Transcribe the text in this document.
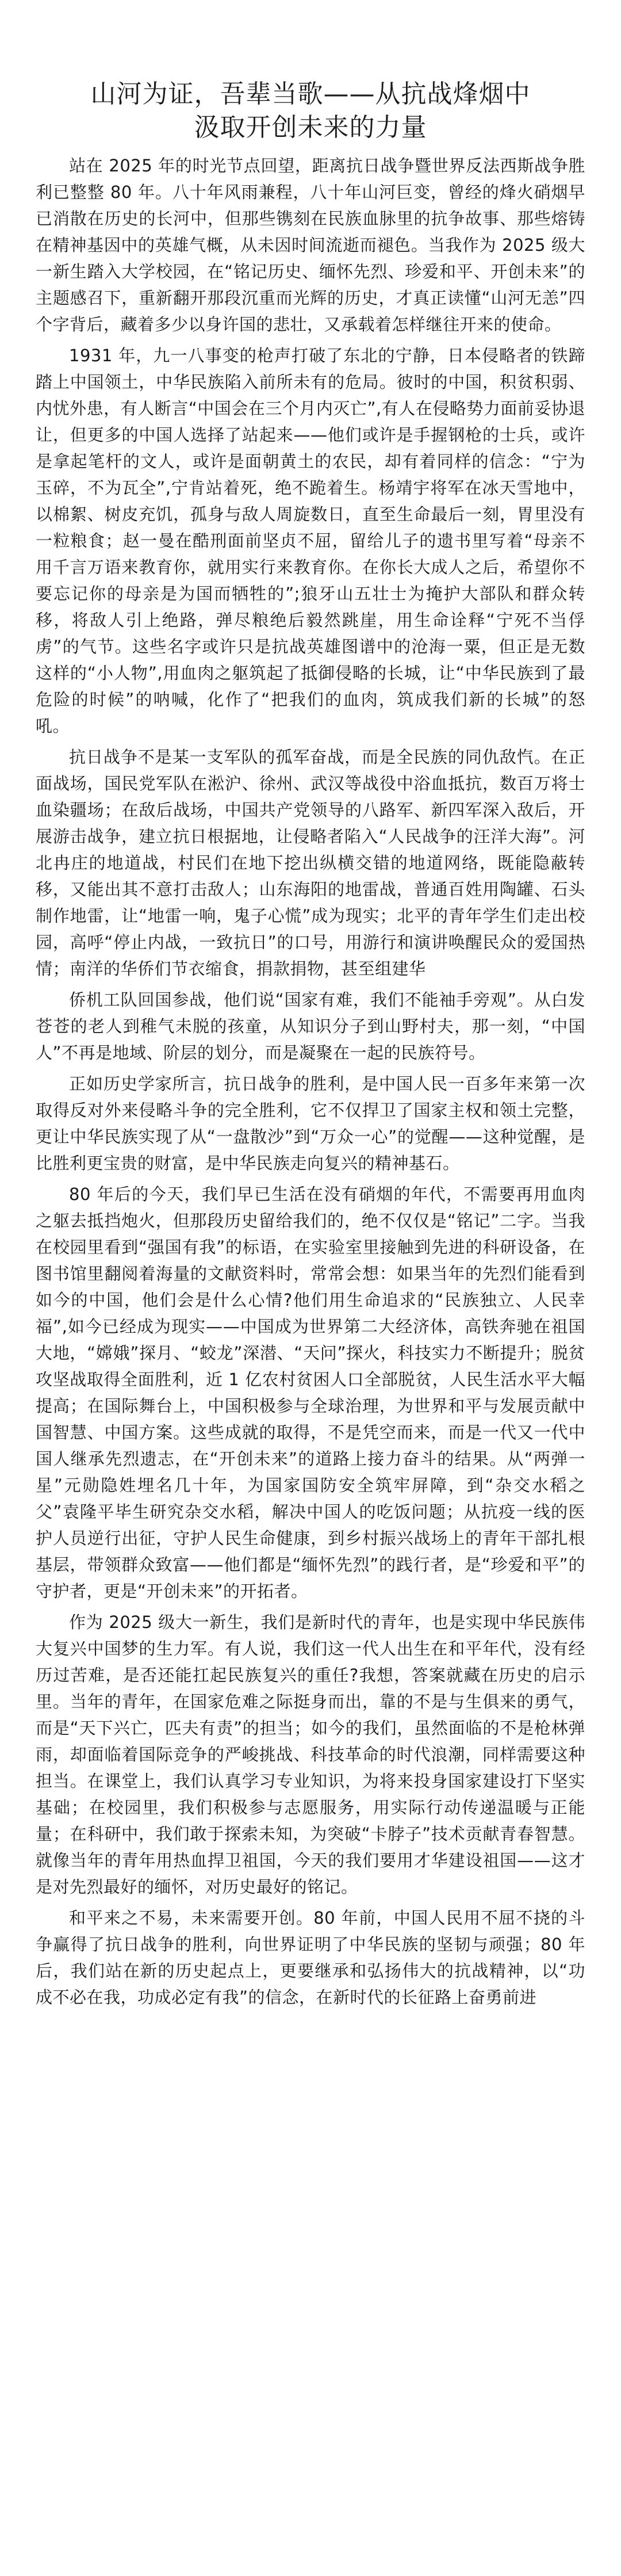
山河为证，吾辈当歌——从抗战烽烟中
汲取开创未来的力量

站在 2025 年的时光节点回望，距离抗日战争暨世界反法西斯战争胜利已整整 80 年。八十年风雨兼程，八十年山河巨变，曾经的烽火硝烟早已消散在历史的长河中，但那些镌刻在民族血脉里的抗争故事、那些熔铸在精神基因中的英雄气概，从未因时间流逝而褪色。当我作为 2025 级大一新生踏入大学校园，在“铭记历史、缅怀先烈、珍爱和平、开创未来”的主题感召下，重新翻开那段沉重而光辉的历史，才真正读懂“山河无恙”四个字背后，藏着多少以身许国的悲壮，又承载着怎样继往开来的使命。

1931 年，九一八事变的枪声打破了东北的宁静，日本侵略者的铁蹄踏上中国领土，中华民族陷入前所未有的危局。彼时的中国，积贫积弱、内忧外患，有人断言“中国会在三个月内灭亡”,有人在侵略势力面前妥协退让，但更多的中国人选择了站起来——他们或许是手握钢枪的士兵，或许是拿起笔杆的文人，或许是面朝黄土的农民，却有着同样的信念：“宁为玉碎，不为瓦全”,宁肯站着死，绝不跪着生。杨靖宇将军在冰天雪地中，以棉絮、树皮充饥，孤身与敌人周旋数日，直至生命最后一刻，胃里没有一粒粮食；赵一曼在酷刑面前坚贞不屈，留给儿子的遗书里写着“母亲不用千言万语来教育你，就用实行来教育你。在你长大成人之后，希望你不要忘记你的母亲是为国而牺牲的”;狼牙山五壮士为掩护大部队和群众转移，将敌人引上绝路，弹尽粮绝后毅然跳崖，用生命诠释“宁死不当俘虏”的气节。这些名字或许只是抗战英雄图谱中的沧海一粟，但正是无数这样的“小人物”,用血肉之躯筑起了抵御侵略的长城，让“中华民族到了最危险的时候”的呐喊，化作了“把我们的血肉，筑成我们新的长城”的怒吼。

抗日战争不是某一支军队的孤军奋战，而是全民族的同仇敌忾。在正面战场，国民党军队在淞沪、徐州、武汉等战役中浴血抵抗，数百万将士血染疆场；在敌后战场，中国共产党领导的八路军、新四军深入敌后，开展游击战争，建立抗日根据地，让侵略者陷入“人民战争的汪洋大海”。河北冉庄的地道战，村民们在地下挖出纵横交错的地道网络，既能隐蔽转移，又能出其不意打击敌人；山东海阳的地雷战，普通百姓用陶罐、石头制作地雷，让“地雷一响，鬼子心慌”成为现实；北平的青年学生们走出校园，高呼“停止内战，一致抗日”的口号，用游行和演讲唤醒民众的爱国热情；南洋的华侨们节衣缩食，捐款捐物，甚至组建华

侨机工队回国参战，他们说“国家有难，我们不能袖手旁观”。从白发苍苍的老人到稚气未脱的孩童，从知识分子到山野村夫，那一刻，“中国人”不再是地域、阶层的划分，而是凝聚在一起的民族符号。

正如历史学家所言，抗日战争的胜利，是中国人民一百多年来第一次取得反对外来侵略斗争的完全胜利，它不仅捍卫了国家主权和领土完整，更让中华民族实现了从“一盘散沙”到“万众一心”的觉醒——这种觉醒，是比胜利更宝贵的财富，是中华民族走向复兴的精神基石。

80 年后的今天，我们早已生活在没有硝烟的年代，不需要再用血肉之躯去抵挡炮火，但那段历史留给我们的，绝不仅仅是“铭记”二字。当我在校园里看到“强国有我”的标语，在实验室里接触到先进的科研设备，在图书馆里翻阅着海量的文献资料时，常常会想：如果当年的先烈们能看到如今的中国，他们会是什么心情?他们用生命追求的“民族独立、人民幸福”,如今已经成为现实——中国成为世界第二大经济体，高铁奔驰在祖国大地，“嫦娥”探月、“蛟龙”深潜、“天问”探火，科技实力不断提升；脱贫攻坚战取得全面胜利，近 1 亿农村贫困人口全部脱贫，人民生活水平大幅提高；在国际舞台上，中国积极参与全球治理，为世界和平与发展贡献中国智慧、中国方案。这些成就的取得，不是凭空而来，而是一代又一代中国人继承先烈遗志，在“开创未来”的道路上接力奋斗的结果。从“两弹一星”元勋隐姓埋名几十年，为国家国防安全筑牢屏障，到“杂交水稻之父”袁隆平毕生研究杂交水稻，解决中国人的吃饭问题；从抗疫一线的医护人员逆行出征，守护人民生命健康，到乡村振兴战场上的青年干部扎根基层，带领群众致富——他们都是“缅怀先烈”的践行者，是“珍爱和平”的守护者，更是“开创未来”的开拓者。

作为 2025 级大一新生，我们是新时代的青年，也是实现中华民族伟大复兴中国梦的生力军。有人说，我们这一代人出生在和平年代，没有经历过苦难，是否还能扛起民族复兴的重任?我想，答案就藏在历史的启示里。当年的青年，在国家危难之际挺身而出，靠的不是与生俱来的勇气，而是“天下兴亡，匹夫有责”的担当；如今的我们，虽然面临的不是枪林弹雨，却面临着国际竞争的严峻挑战、科技革命的时代浪潮，同样需要这种担当。在课堂上，我们认真学习专业知识，为将来投身国家建设打下坚实基础；在校园里，我们积极参与志愿服务，用实际行动传递温暖与正能量；在科研中，我们敢于探索未知，为突破“卡脖子”技术贡献青春智慧。就像当年的青年用热血捍卫祖国，今天的我们要用才华建设祖国——这才是对先烈最好的缅怀，对历史最好的铭记。

和平来之不易，未来需要开创。80 年前，中国人民用不屈不挠的斗争赢得了抗日战争的胜利，向世界证明了中华民族的坚韧与顽强；80 年后，我们站在新的历史起点上，更要继承和弘扬伟大的抗战精神，以“功成不必在我，功成必定有我”的信念，在新时代的长征路上奋勇前进
